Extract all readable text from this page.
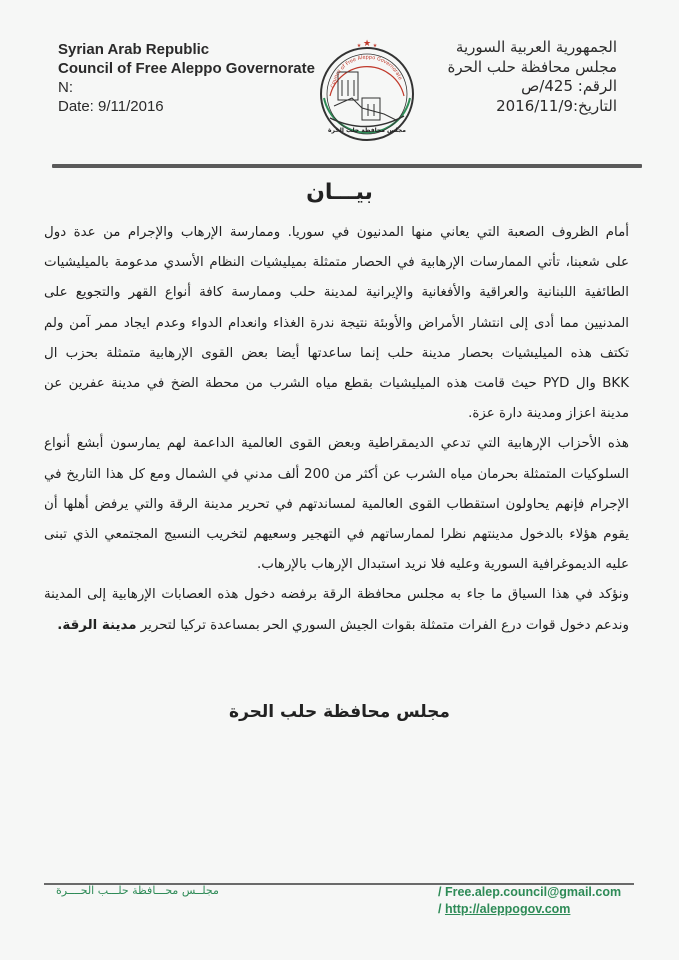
Syrian Arab Republic
Council of Free Aleppo Governorate
N:
Date: 9/11/2016
الجمهورية العربية السورية
مجلس محافظة حلب الحرة
الرقم: 425/ص
التاريخ:2016/11/9
★
★ ★
Council of Free Aleppo Governorate
مجلس محافظة حلب الحرة
بيـــان
أمام الظروف الصعبة التي يعاني منها المدنيون في سوريا. وممارسة الإرهاب والإجرام من عدة دول
على شعبنا، تأتي الممارسات الإرهابية في الحصار متمثلة بميليشيات النظام الأسدي مدعومة بالميليشيات
الطائفية اللبنانية والعراقية والأفغانية والإيرانية لمدينة حلب وممارسة كافة أنواع القهر والتجويع على
المدنيين مما أدى إلى انتشار الأمراض والأوبئة نتيجة ندرة الغذاء وانعدام الدواء وعدم ايجاد ممر آمن ولم
تكتف هذه الميليشيات بحصار مدينة حلب إنما ساعدتها أيضا بعض القوى الإرهابية متمثلة بحزب ال
BKK وال PYD حيث قامت هذه الميليشيات بقطع مياه الشرب من محطة الضخ في مدينة عفرين عن
مدينة اعزاز ومدينة دارة عزة.
هذه الأحزاب الإرهابية التي تدعي الديمقراطية وبعض القوى العالمية الداعمة لهم يمارسون أبشع أنواع
السلوكيات المتمثلة بحرمان مياه الشرب عن أكثر من 200 ألف مدني في الشمال ومع كل هذا التاريخ في
الإجرام فإنهم يحاولون استقطاب القوى العالمية لمساندتهم في تحرير مدينة الرقة والتي يرفض أهلها أن
يقوم هؤلاء بالدخول مدينتهم نظرا لممارساتهم في التهجير وسعيهم لتخريب النسيج المجتمعي الذي تبنى
عليه الديموغرافية السورية وعليه فلا نريد استبدال الإرهاب بالإرهاب.
ونؤكد في هذا السياق ما جاء به مجلس محافظة الرقة برفضه دخول هذه العصابات الإرهابية إلى المدينة
وندعم دخول قوات درع الفرات متمثلة بقوات الجيش السوري الحر بمساعدة تركيا لتحرير مدينة الرقة.
مجلس محافظة حلب الحرة
مجلــس محـــافظة حلـــب الحــــرة	/ Free.alep.council@gmail.com
/ http://aleppogov.com
